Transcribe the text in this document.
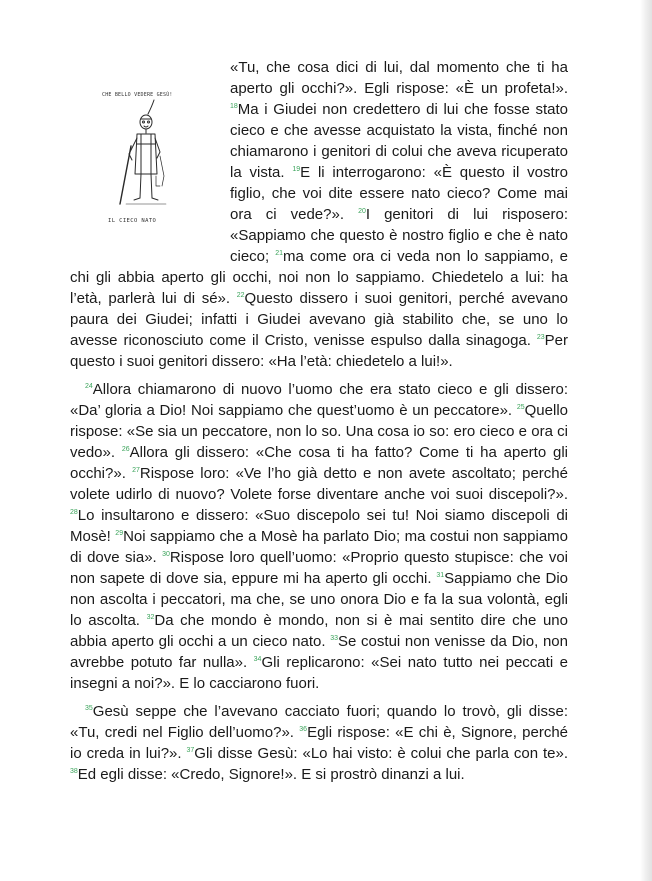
CHE BELLO VEDERE GESÙ!
IL CIECO NATO

«Tu, che cosa dici di lui, dal momento che ti ha aperto gli occhi?». Egli rispose: «È un profeta!». $^{18}$Ma i Giudei non credettero di lui che fosse stato cieco e che avesse acquistato la vista, finché non chiamarono i genitori di colui che aveva ricuperato la vista. $^{19}$E li interrogarono: «È questo il vostro figlio, che voi dite essere nato cieco? Come mai ora ci vede?». $^{20}$I genitori di lui risposero: «Sappiamo che questo è nostro figlio e che è nato cieco; $^{21}$ma come ora ci veda non lo sappiamo, e chi gli abbia aperto gli occhi, noi non lo sappiamo. Chiedetelo a lui: ha l’età, parlerà lui di sé». $^{22}$Questo dissero i suoi genitori, perché avevano paura dei Giudei; infatti i Giudei avevano già stabilito che, se uno lo avesse riconosciuto come il Cristo, venisse espulso dalla sinagoga. $^{23}$Per questo i suoi genitori dissero: «Ha l’età: chiedetelo a lui!».

$^{24}$Allora chiamarono di nuovo l’uomo che era stato cieco e gli dissero: «Da’ gloria a Dio! Noi sappiamo che quest’uomo è un peccatore». $^{25}$Quello rispose: «Se sia un peccatore, non lo so. Una cosa io so: ero cieco e ora ci vedo». $^{26}$Allora gli dissero: «Che cosa ti ha fatto? Come ti ha aperto gli occhi?». $^{27}$Rispose loro: «Ve l’ho già detto e non avete ascoltato; perché volete udirlo di nuovo? Volete forse diventare anche voi suoi discepoli?». $^{28}$Lo insultarono e dissero: «Suo discepolo sei tu! Noi siamo discepoli di Mosè! $^{29}$Noi sappiamo che a Mosè ha parlato Dio; ma costui non sappiamo di dove sia». $^{30}$Rispose loro quell’uomo: «Proprio questo stupisce: che voi non sapete di dove sia, eppure mi ha aperto gli occhi. $^{31}$Sappiamo che Dio non ascolta i peccatori, ma che, se uno onora Dio e fa la sua volontà, egli lo ascolta. $^{32}$Da che mondo è mondo, non si è mai sentito dire che uno abbia aperto gli occhi a un cieco nato. $^{33}$Se costui non venisse da Dio, non avrebbe potuto far nulla». $^{34}$Gli replicarono: «Sei nato tutto nei peccati e insegni a noi?». E lo cacciarono fuori.

$^{35}$Gesù seppe che l’avevano cacciato fuori; quando lo trovò, gli disse: «Tu, credi nel Figlio dell’uomo?». $^{36}$Egli rispose: «E chi è, Signore, perché io creda in lui?». $^{37}$Gli disse Gesù: «Lo hai visto: è colui che parla con te». $^{38}$Ed egli disse: «Credo, Signore!». E si prostrò dinanzi a lui.
